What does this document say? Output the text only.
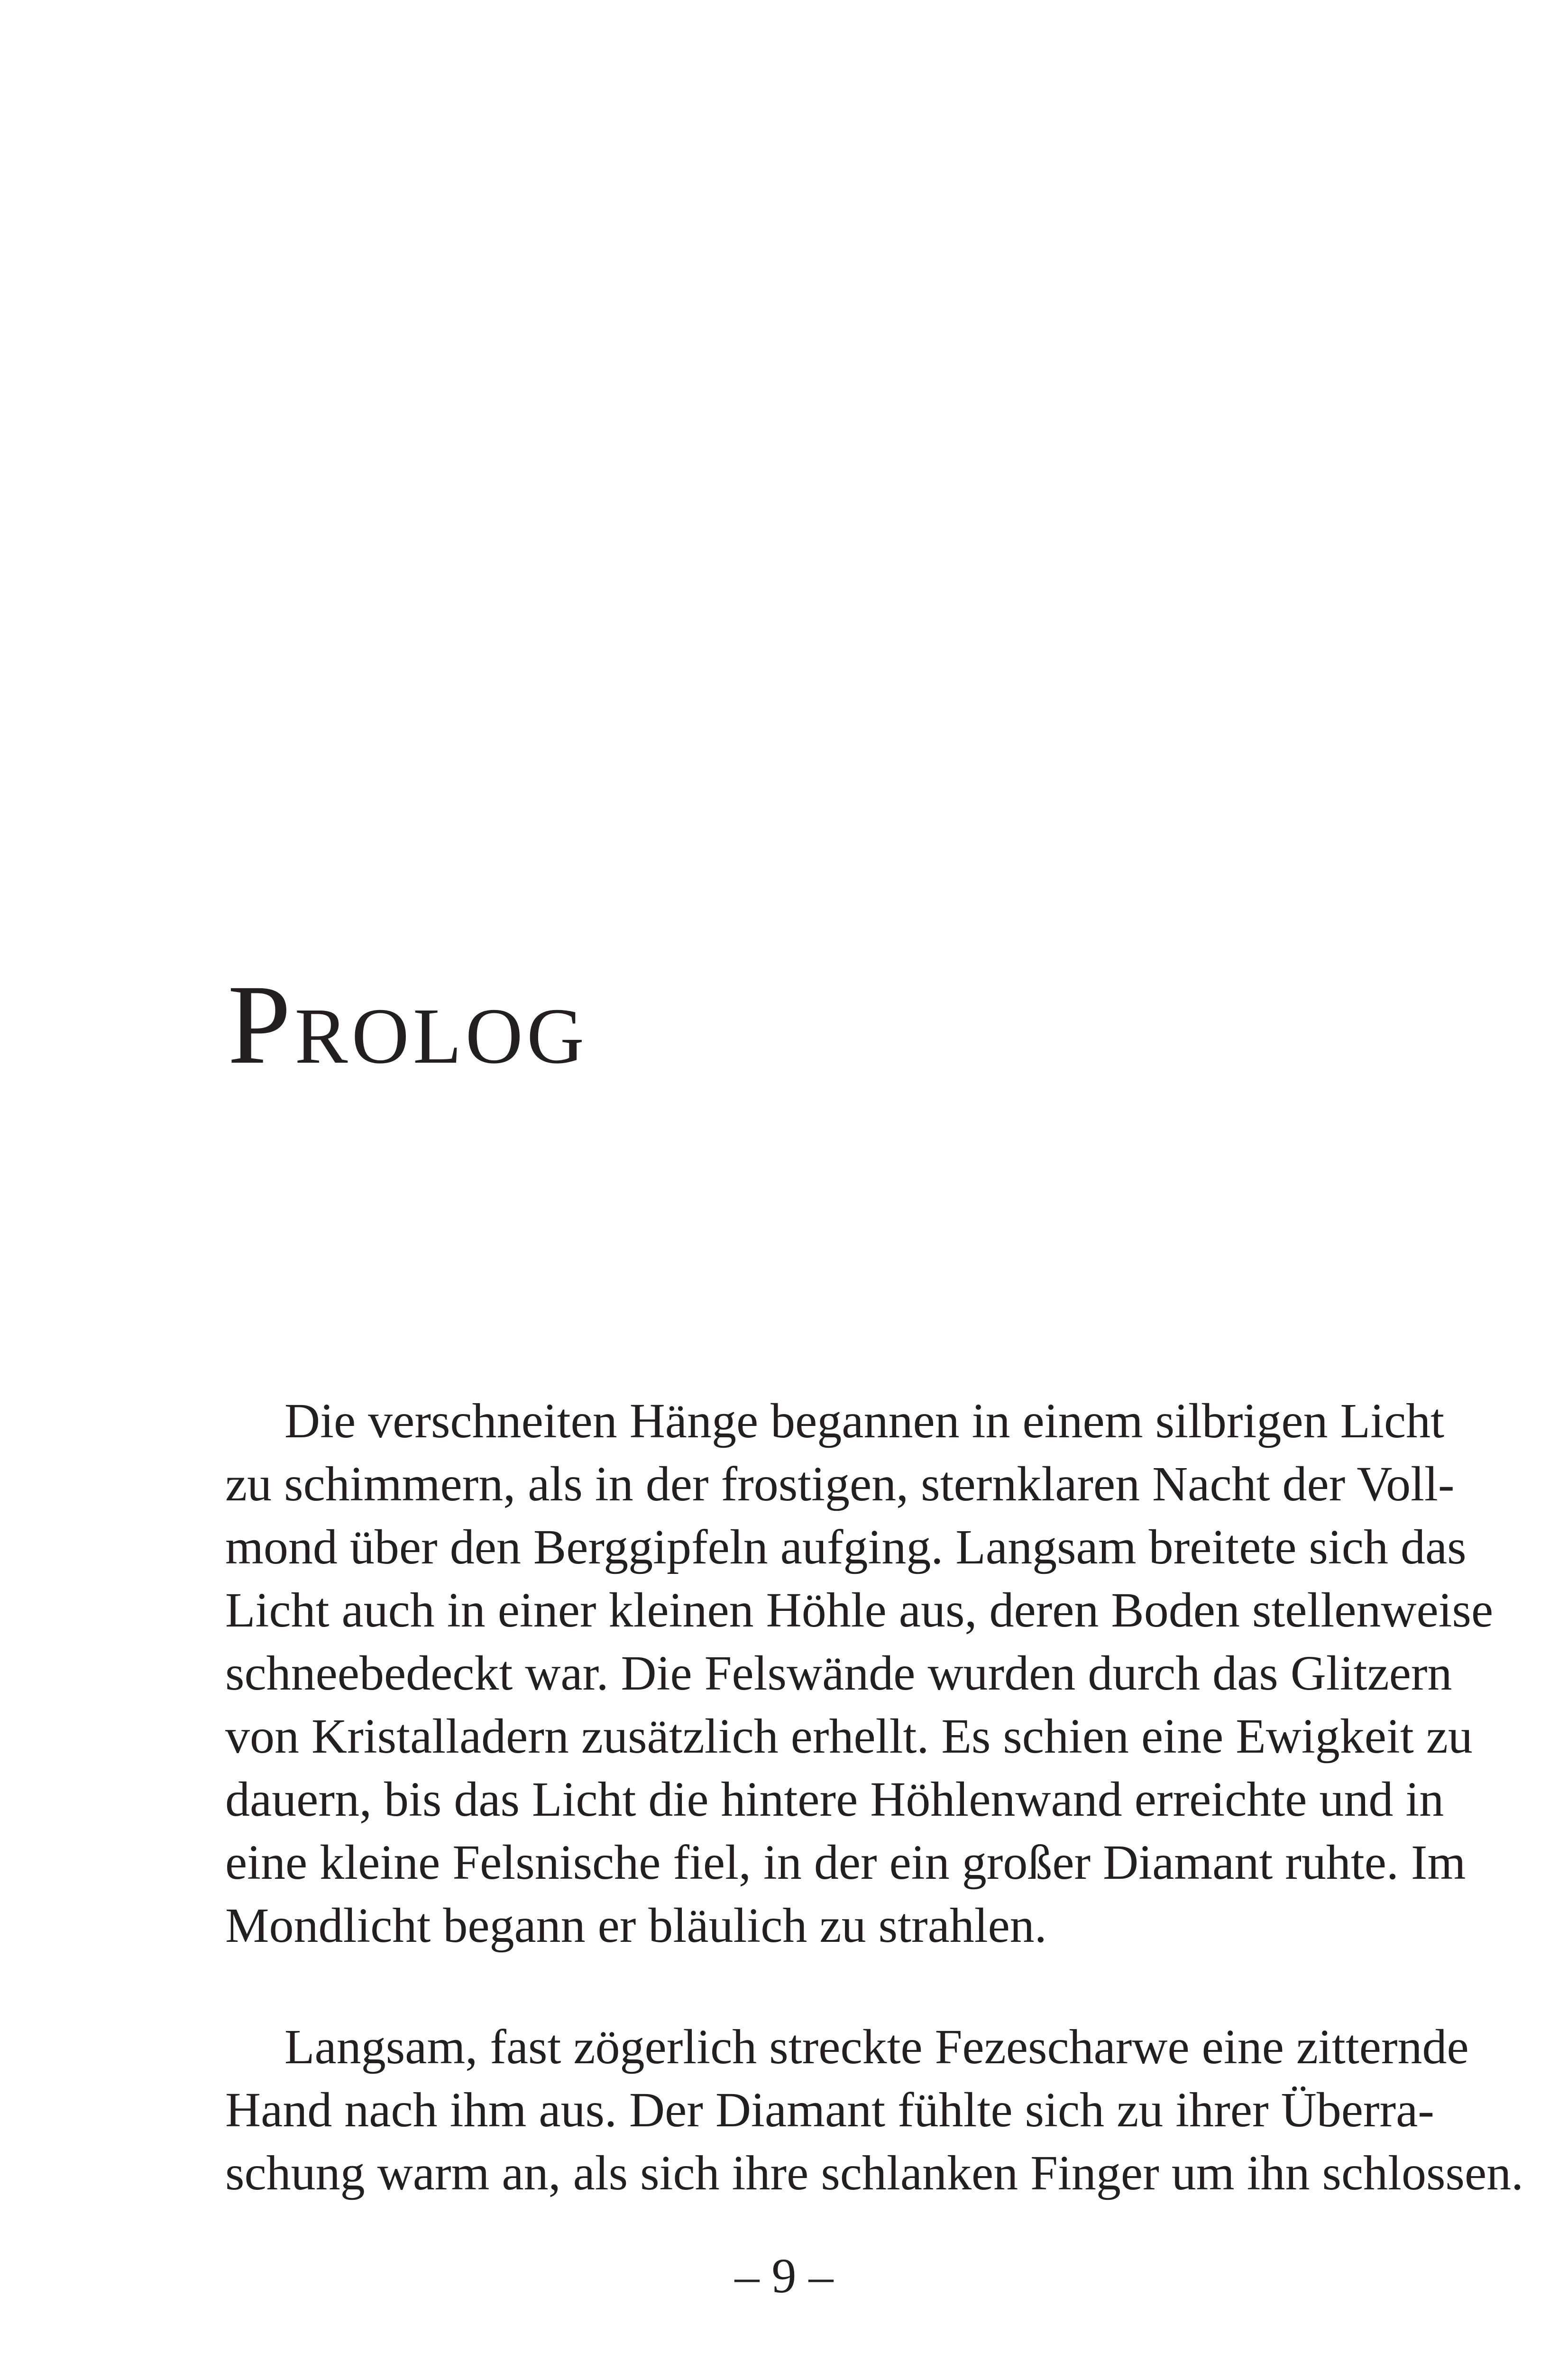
Prolog

Die verschneiten Hänge begannen in einem silbrigen Licht
zu schimmern, als in der frostigen, sternklaren Nacht der Voll-
mond über den Berggipfeln aufging. Langsam breitete sich das
Licht auch in einer kleinen Höhle aus, deren Boden stellenweise
schneebedeckt war. Die Felswände wurden durch das Glitzern
von Kristalladern zusätzlich erhellt. Es schien eine Ewigkeit zu
dauern, bis das Licht die hintere Höhlenwand erreichte und in
eine kleine Felsnische fiel, in der ein großer Diamant ruhte. Im
Mondlicht begann er bläulich zu strahlen.

Langsam, fast zögerlich streckte Fezescharwe eine zitternde
Hand nach ihm aus. Der Diamant fühlte sich zu ihrer Überra-
schung warm an, als sich ihre schlanken Finger um ihn schlossen.

– 9 –
